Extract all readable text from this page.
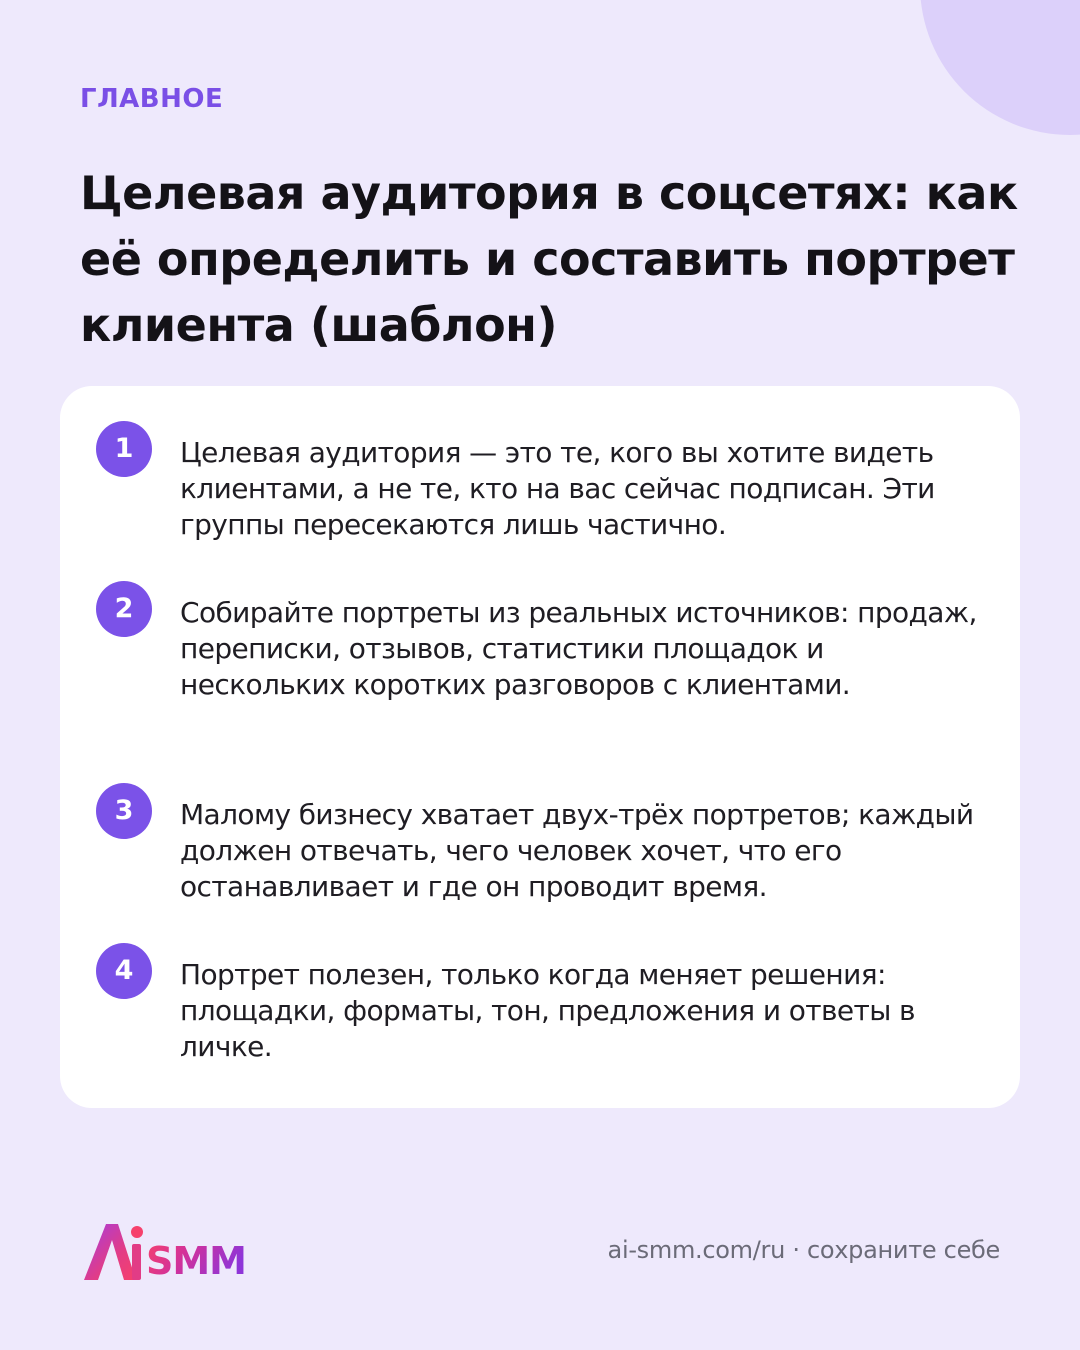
ГЛАВНОЕ
Целевая аудитория в соцсетях: как её определить и составить портрет клиента (шаблон)
1	Целевая аудитория — это те, кого вы хотите видеть клиентами, а не те, кто на вас сейчас подписан. Эти группы пересекаются лишь частично.

2	Собирайте портреты из реальных источников: продаж, переписки, отзывов, статистики площадок и нескольких коротких разговоров с клиентами.

3	Малому бизнесу хватает двух-трёх портретов; каждый должен отвечать, чего человек хочет, что его останавливает и где он проводит время.

4	Портрет полезен, только когда меняет решения: площадки, форматы, тон, предложения и ответы в личке.

SMM	ai-smm.com/ru · сохраните себе
